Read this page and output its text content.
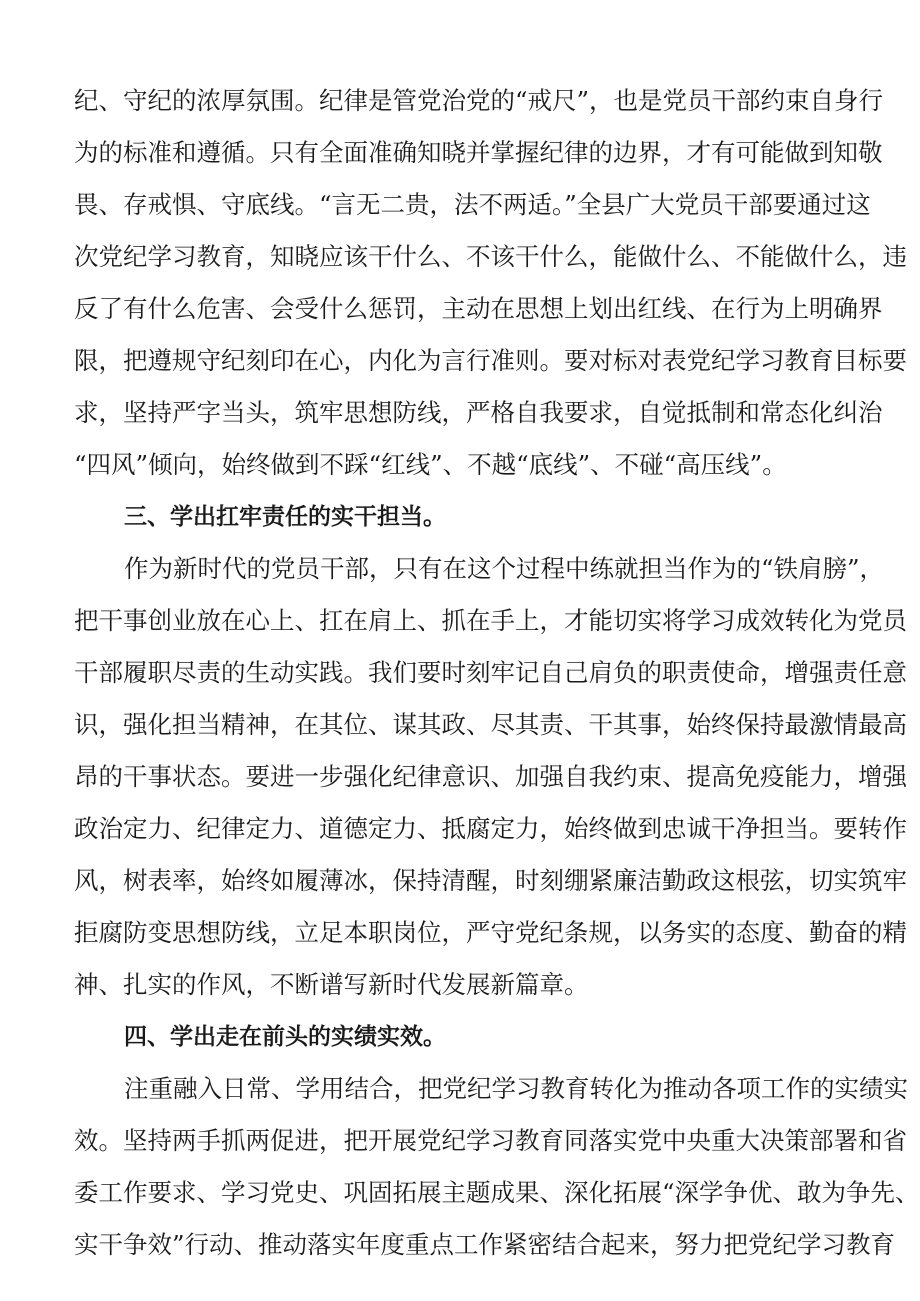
纪、守纪的浓厚氛围。纪律是管党治党的“戒尺”，也是党员干部约束自身行
为的标准和遵循。只有全面准确知晓并掌握纪律的边界，才有可能做到知敬
畏、存戒惧、守底线。“言无二贵，法不两适。”全县广大党员干部要通过这
次党纪学习教育，知晓应该干什么、不该干什么，能做什么、不能做什么，违
反了有什么危害、会受什么惩罚，主动在思想上划出红线、在行为上明确界
限，把遵规守纪刻印在心，内化为言行准则。要对标对表党纪学习教育目标要
求，坚持严字当头，筑牢思想防线，严格自我要求，自觉抵制和常态化纠治
“四风”倾向，始终做到不踩“红线”、不越“底线”、不碰“高压线”。
三、学出扛牢责任的实干担当。
作为新时代的党员干部，只有在这个过程中练就担当作为的“铁肩膀”，
把干事创业放在心上、扛在肩上、抓在手上，才能切实将学习成效转化为党员
干部履职尽责的生动实践。我们要时刻牢记自己肩负的职责使命，增强责任意
识，强化担当精神，在其位、谋其政、尽其责、干其事，始终保持最激情最高
昂的干事状态。要进一步强化纪律意识、加强自我约束、提高免疫能力，增强
政治定力、纪律定力、道德定力、抵腐定力，始终做到忠诚干净担当。要转作
风，树表率，始终如履薄冰，保持清醒，时刻绷紧廉洁勤政这根弦，切实筑牢
拒腐防变思想防线，立足本职岗位，严守党纪条规，以务实的态度、勤奋的精
神、扎实的作风，不断谱写新时代发展新篇章。
四、学出走在前头的实绩实效。
注重融入日常、学用结合，把党纪学习教育转化为推动各项工作的实绩实
效。坚持两手抓两促进，把开展党纪学习教育同落实党中央重大决策部署和省
委工作要求、学习党史、巩固拓展主题成果、深化拓展“深学争优、敢为争先、
实干争效”行动、推动落实年度重点工作紧密结合起来，努力把党纪学习教育
